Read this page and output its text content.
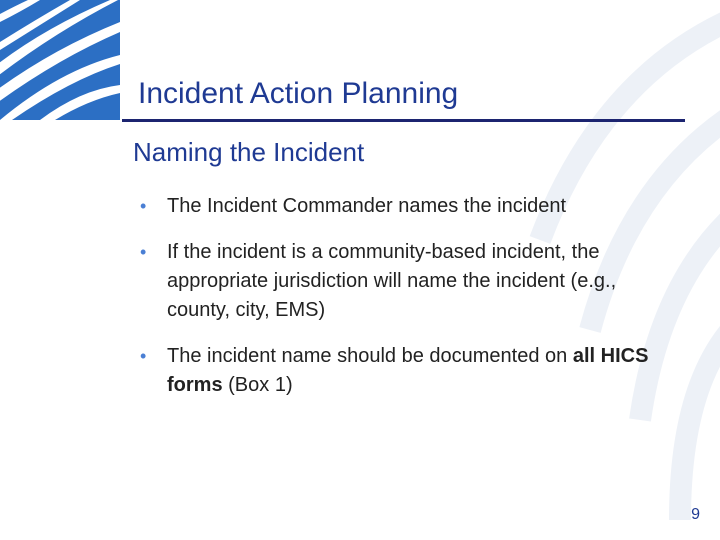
Incident Action Planning
Naming the Incident
• The Incident Commander names the incident
• If the incident is a community-based incident, the appropriate jurisdiction will name the incident (e.g., county, city, EMS)
• The incident name should be documented on all HICS forms (Box 1)
9
